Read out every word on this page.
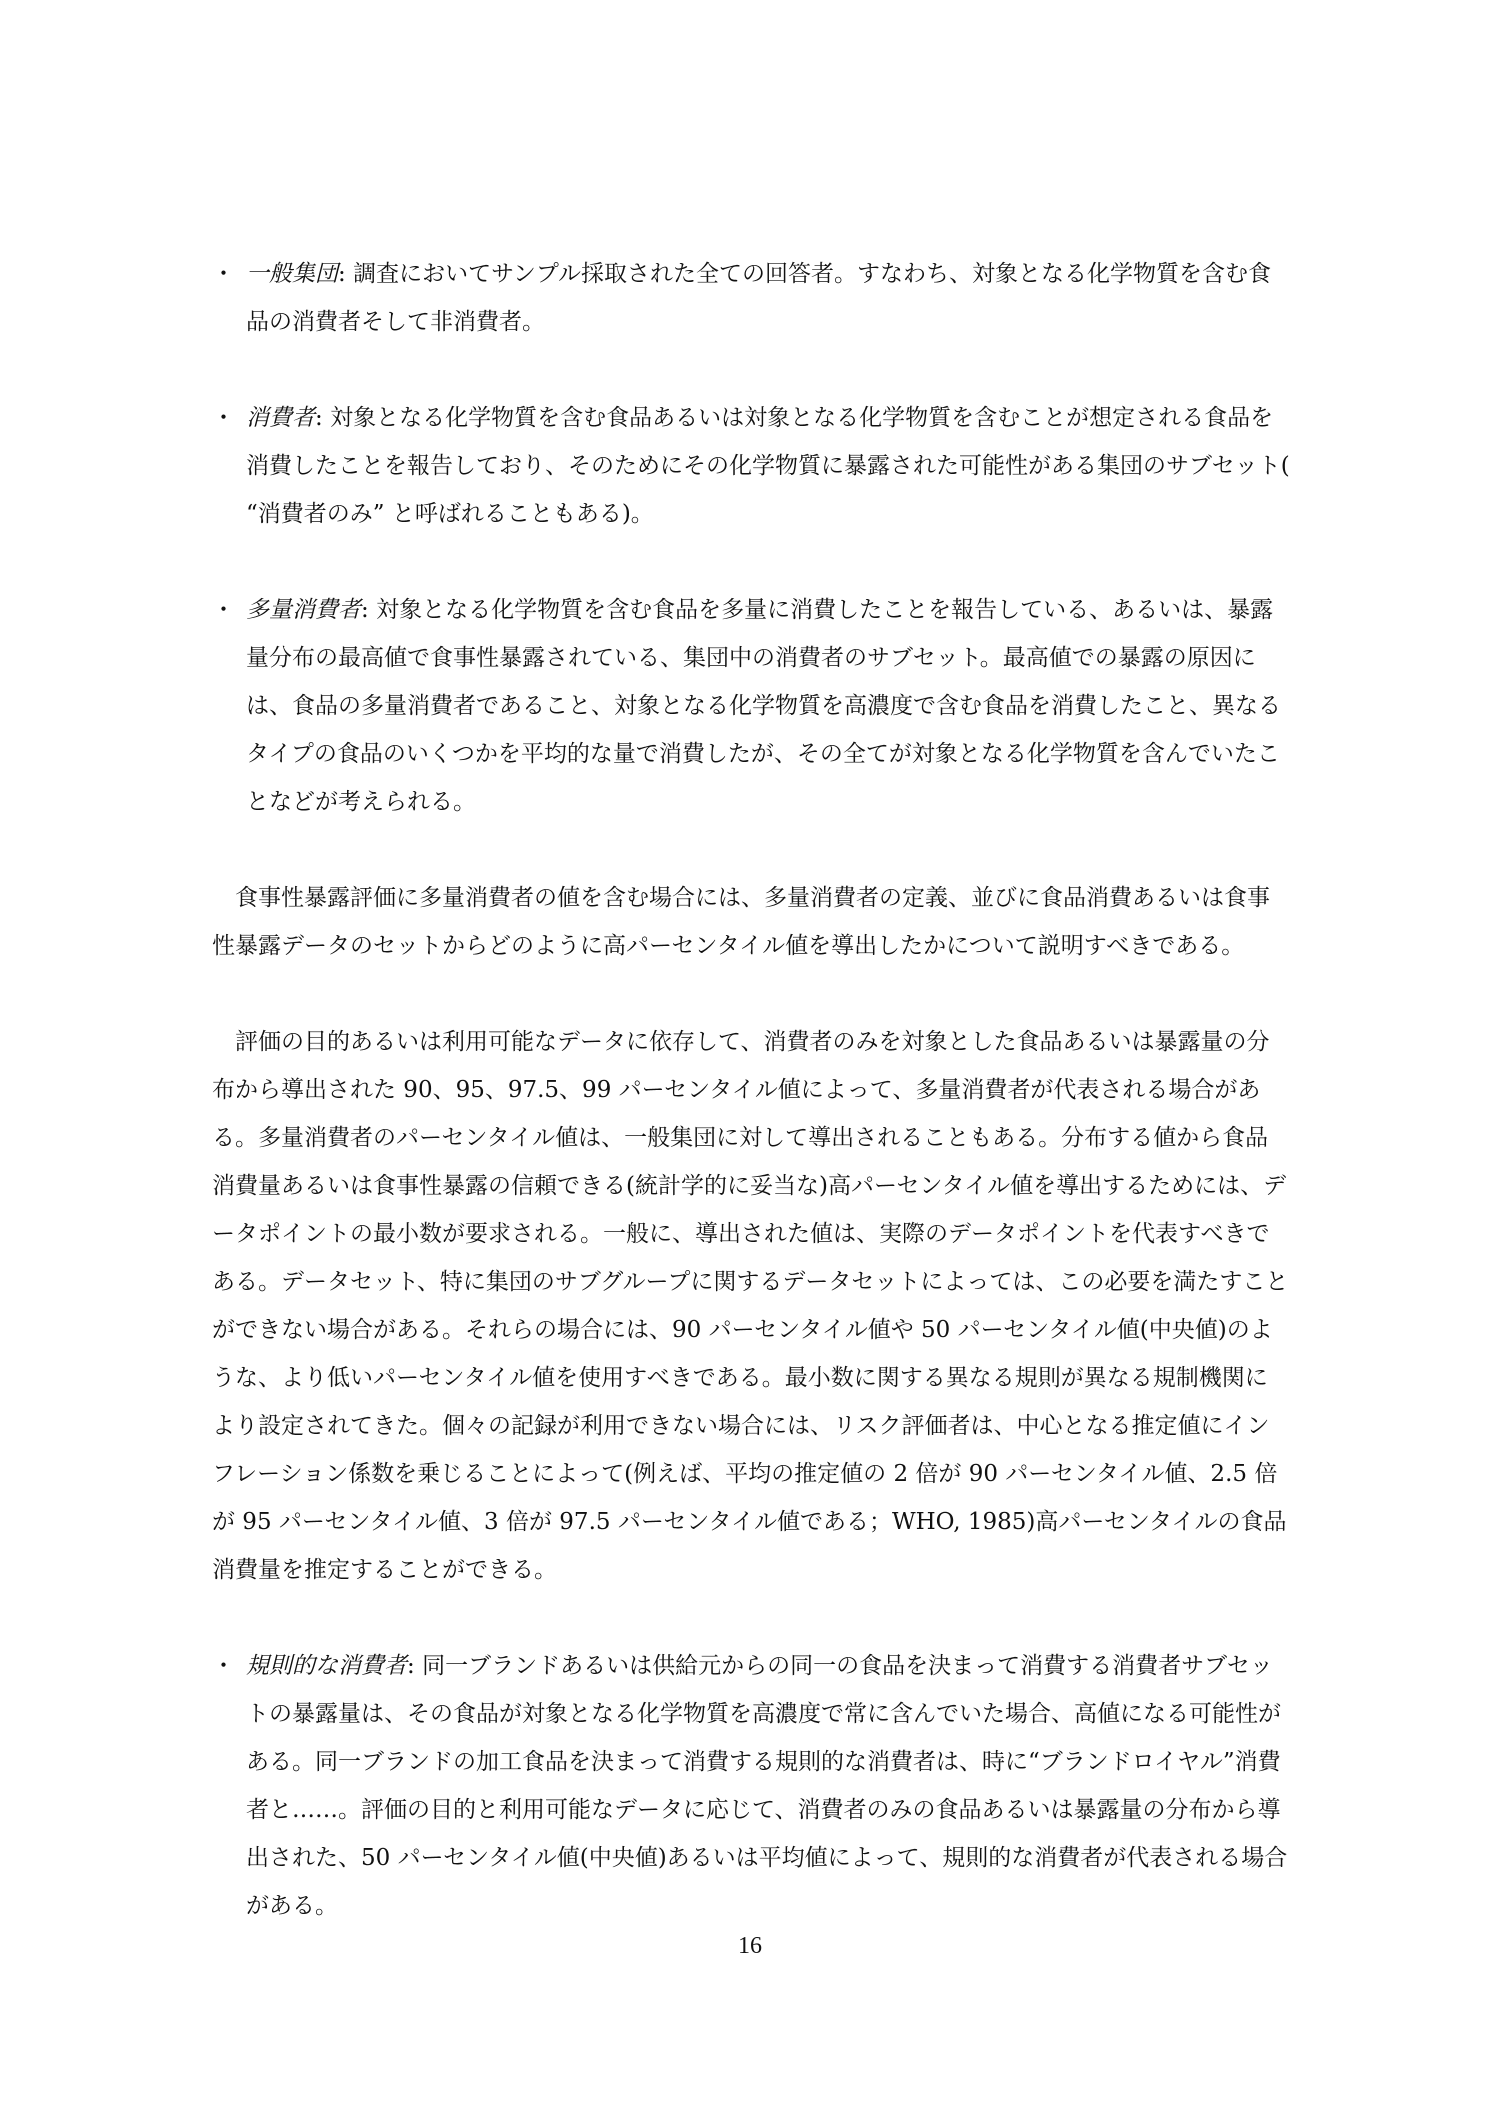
・ 一般集団: 調査においてサンプル採取された全ての回答者。すなわち、対象となる化学物質を含む食品の消費者そして非消費者。
・ 消費者: 対象となる化学物質を含む食品あるいは対象となる化学物質を含むことが想定される食品を消費したことを報告しており、そのためにその化学物質に暴露された可能性がある集団のサブセット( “消費者のみ” と呼ばれることもある)。
・ 多量消費者: 対象となる化学物質を含む食品を多量に消費したことを報告している、あるいは、暴露量分布の最高値で食事性暴露されている、集団中の消費者のサブセット。最高値での暴露の原因には、食品の多量消費者であること、対象となる化学物質を高濃度で含む食品を消費したこと、異なるタイプの食品のいくつかを平均的な量で消費したが、その全てが対象となる化学物質を含んでいたことなどが考えられる。

食事性暴露評価に多量消費者の値を含む場合には、多量消費者の定義、並びに食品消費あるいは食事性暴露データのセットからどのように高パーセンタイル値を導出したかについて説明すべきである。

評価の目的あるいは利用可能なデータに依存して、消費者のみを対象とした食品あるいは暴露量の分布から導出された 90、95、97.5、99 パーセンタイル値によって、多量消費者が代表される場合がある。多量消費者のパーセンタイル値は、一般集団に対して導出されることもある。分布する値から食品消費量あるいは食事性暴露の信頼できる(統計学的に妥当な)高パーセンタイル値を導出するためには、データポイントの最小数が要求される。一般に、導出された値は、実際のデータポイントを代表すべきである。データセット、特に集団のサブグループに関するデータセットによっては、この必要を満たすことができない場合がある。それらの場合には、90 パーセンタイル値や 50 パーセンタイル値(中央値)のような、より低いパーセンタイル値を使用すべきである。最小数に関する異なる規則が異なる規制機関により設定されてきた。個々の記録が利用できない場合には、リスク評価者は、中心となる推定値にインフレーション係数を乗じることによって(例えば、平均の推定値の 2 倍が 90 パーセンタイル値、2.5 倍が 95 パーセンタイル値、3 倍が 97.5 パーセンタイル値である；WHO, 1985)高パーセンタイルの食品消費量を推定することができる。

・ 規則的な消費者: 同一ブランドあるいは供給元からの同一の食品を決まって消費する消費者サブセットの暴露量は、その食品が対象となる化学物質を高濃度で常に含んでいた場合、高値になる可能性がある。同一ブランドの加工食品を決まって消費する規則的な消費者は、時に“ブランドロイヤル”消費者と……。評価の目的と利用可能なデータに応じて、消費者のみの食品あるいは暴露量の分布から導出された、50 パーセンタイル値(中央値)あるいは平均値によって、規則的な消費者が代表される場合がある。
16
